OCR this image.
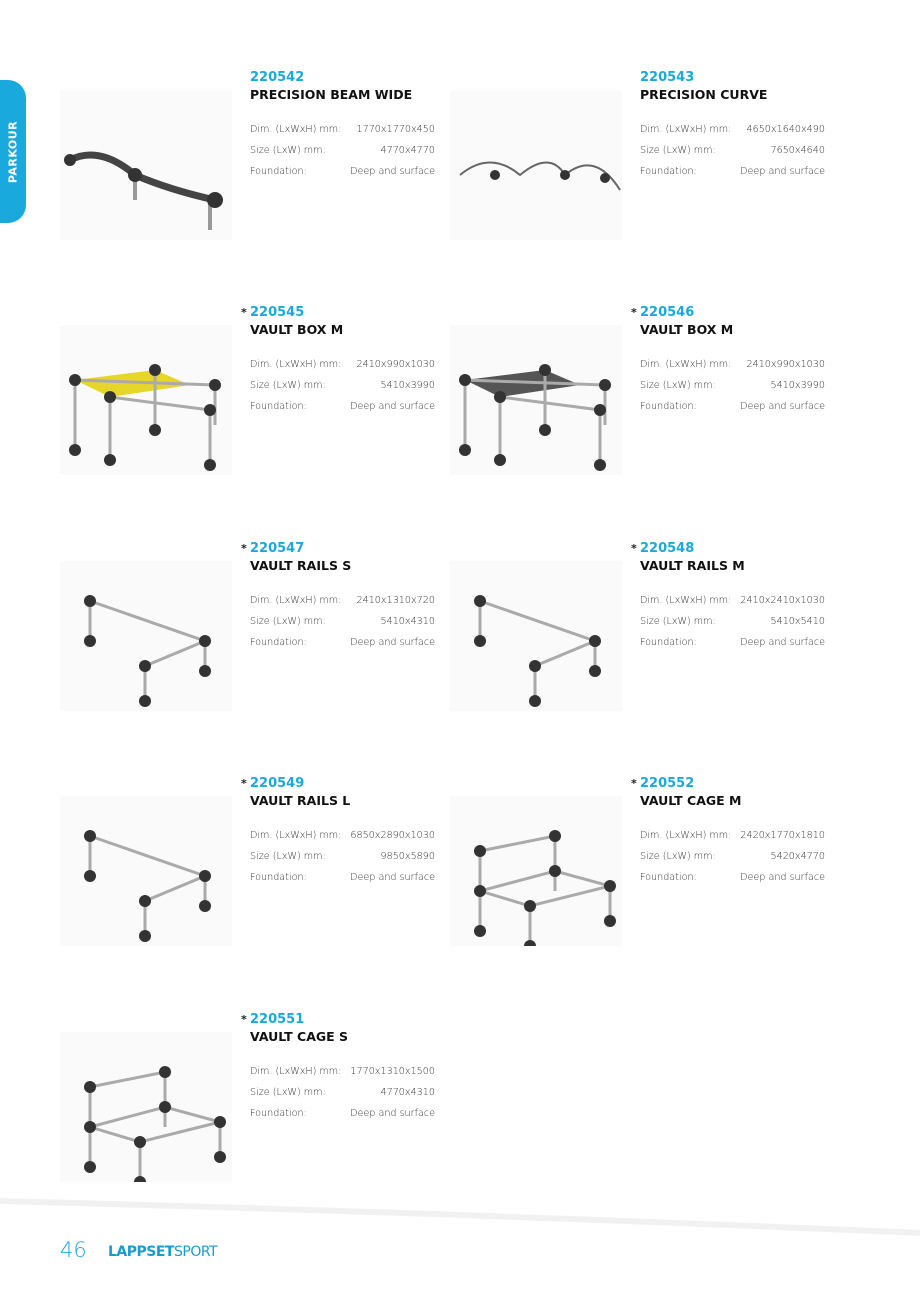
PARKOUR
220542
PRECISION BEAM WIDE
Dim. (LxWxH) mm: 1770x1770x450
Size (LxW) mm:	4770x4770
Foundation:	Deep and surface
220543
PRECISION CURVE
Dim. (LxWxH) mm: 4650x1640x490
Size (LxW) mm:	7650x4640
Foundation:	Deep and surface
* 220545
VAULT BOX M
Dim. (LxWxH) mm: 2410x990x1030
Size (LxW) mm:	5410x3990
Foundation:	Deep and surface
* 220546
VAULT BOX M
Dim. (LxWxH) mm: 2410x990x1030
Size (LxW) mm:	5410x3990
Foundation:	Deep and surface
* 220547
VAULT RAILS S
Dim. (LxWxH) mm: 2410x1310x720
Size (LxW) mm:	5410x4310
Foundation:	Deep and surface
* 220548
VAULT RAILS M
Dim. (LxWxH) mm: 2410x2410x1030
Size (LxW) mm:	5410x5410
Foundation:	Deep and surface
* 220549
VAULT RAILS L
Dim. (LxWxH) mm: 6850x2890x1030
Size (LxW) mm:	9850x5890
Foundation:	Deep and surface
* 220552
VAULT CAGE M
Dim. (LxWxH) mm: 2420x1770x1810
Size (LxW) mm:	5420x4770
Foundation:	Deep and surface
* 220551
VAULT CAGE S
Dim. (LxWxH) mm: 1770x1310x1500
Size (LxW) mm:	4770x4310
Foundation:	Deep and surface
46 LAPPSETSPORT
